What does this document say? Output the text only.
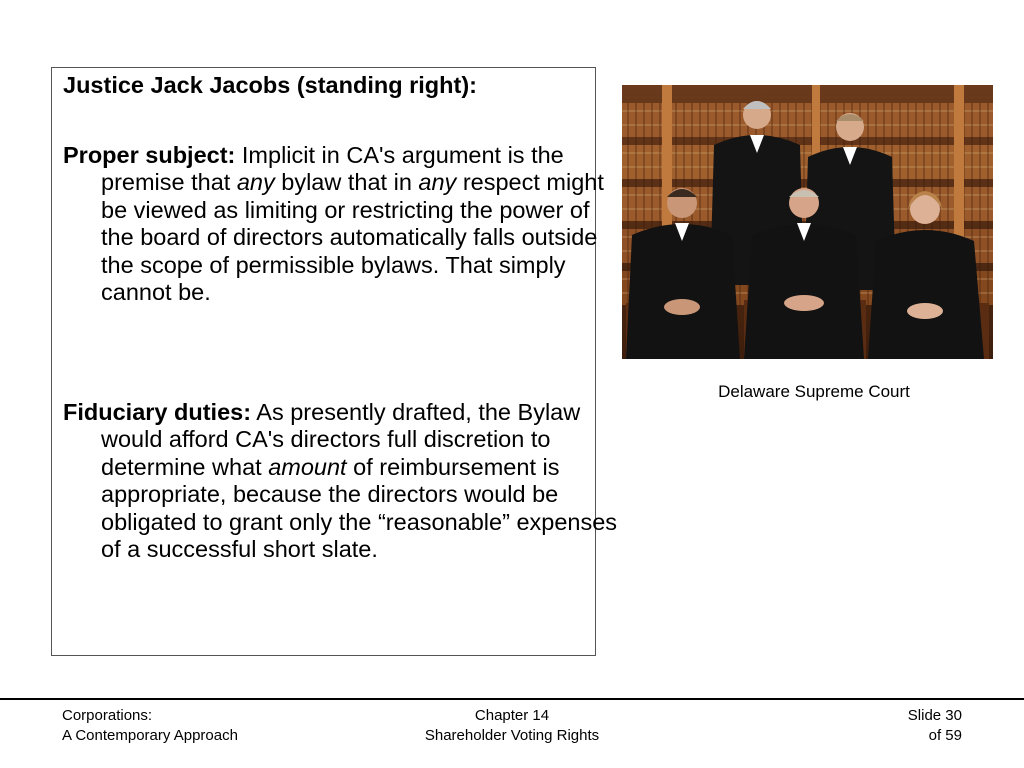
Justice Jack Jacobs (standing right):

Proper subject: Implicit in CA's argument is the premise that any bylaw that in any respect might be viewed as limiting or restricting the power of the board of directors automatically falls outside the scope of permissible bylaws. That simply cannot be.

Fiduciary duties: As presently drafted, the Bylaw would afford CA's directors full discretion to determine what amount of reimbursement is appropriate, because the directors would be obligated to grant only the “reasonable” expenses of a successful short slate.

Delaware Supreme Court
Corporations:
A Contemporary Approach
Chapter 14
Shareholder Voting Rights
Slide 30
of 59
